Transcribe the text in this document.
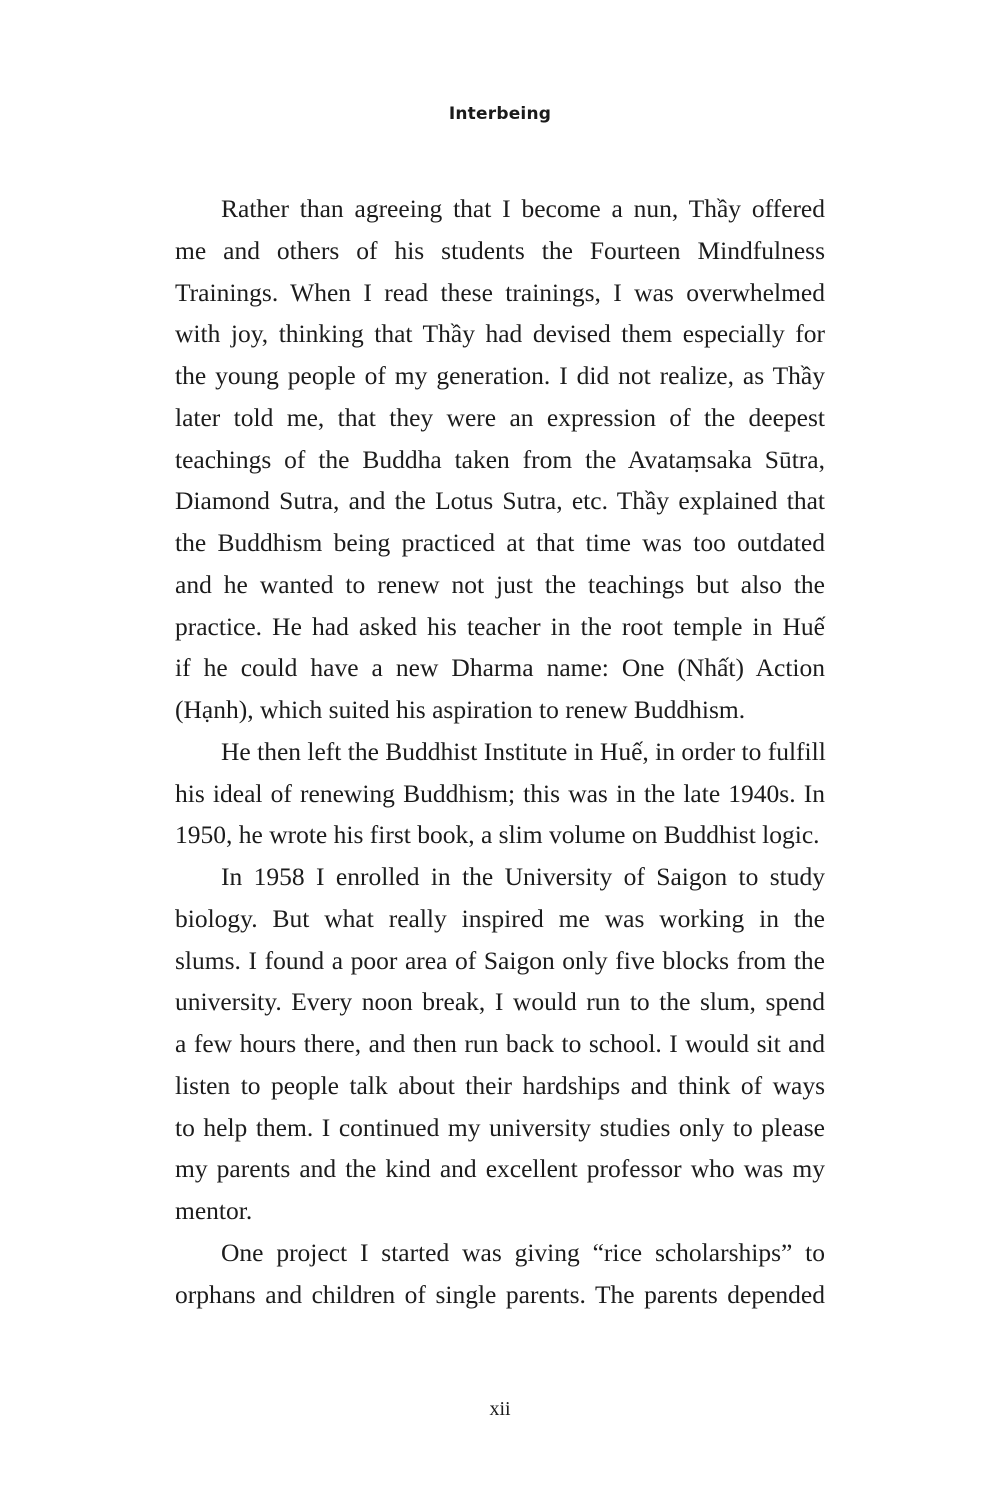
Interbeing
Rather than agreeing that I become a nun, Thầy offered
me and others of his students the Fourteen Mindfulness
Trainings. When I read these trainings, I was overwhelmed
with joy, thinking that Thầy had devised them especially for
the young people of my generation. I did not realize, as Thầy
later told me, that they were an expression of the deepest
teachings of the Buddha taken from the Avataṃsaka Sūtra,
Diamond Sutra, and the Lotus Sutra, etc. Thầy explained that
the Buddhism being practiced at that time was too outdated
and he wanted to renew not just the teachings but also the
practice. He had asked his teacher in the root temple in Huế
if he could have a new Dharma name: One (Nhất) Action
(Hạnh), which suited his aspiration to renew Buddhism.
He then left the Buddhist Institute in Huế, in order to fulfill
his ideal of renewing Buddhism; this was in the late 1940s. In
1950, he wrote his first book, a slim volume on Buddhist logic.
In 1958 I enrolled in the University of Saigon to study
biology. But what really inspired me was working in the
slums. I found a poor area of Saigon only five blocks from the
university. Every noon break, I would run to the slum, spend
a few hours there, and then run back to school. I would sit and
listen to people talk about their hardships and think of ways
to help them. I continued my university studies only to please
my parents and the kind and excellent professor who was my
mentor.
One project I started was giving “rice scholarships” to
orphans and children of single parents. The parents depended
xii
